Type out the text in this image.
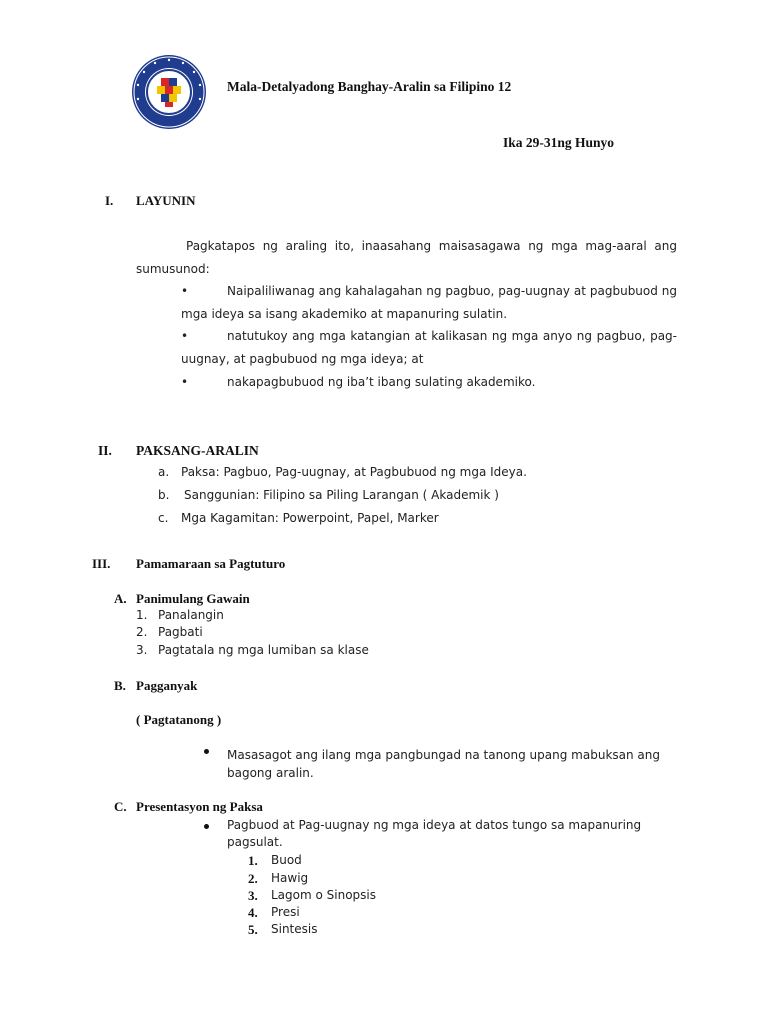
Mala-Detalyadong Banghay-Aralin sa Filipino 12
Ika 29-31ng Hunyo
I. LAYUNIN
Pagkatapos ng araling ito, inaasahang maisasagawa ng mga mag-aaral ang
sumusunod:
•	Naipaliliwanag ang kahalagahan ng pagbuo, pag-uugnay at pagbubuod ng
mga ideya sa isang akademiko at mapanuring sulatin.
•	natutukoy ang mga katangian at kalikasan ng mga anyo ng pagbuo, pag-
uugnay, at pagbubuod ng mga ideya; at
•	nakapagbubuod ng iba’t ibang sulating akademiko.
II. PAKSANG-ARALIN
a. Paksa: Pagbuo, Pag-uugnay, at Pagbubuod ng mga Ideya.
b. Sanggunian: Filipino sa Piling Larangan ( Akademik )
c. Mga Kagamitan: Powerpoint, Papel, Marker
III. Pamamaraan sa Pagtuturo
A. Panimulang Gawain
1. Panalangin
2. Pagbati
3. Pagtatala ng mga lumiban sa klase
B. Pagganyak
( Pagtatanong )
Masasagot ang ilang mga pangbungad na tanong upang mabuksan ang
bagong aralin.
C. Presentasyon ng Paksa
Pagbuod at Pag-uugnay ng mga ideya at datos tungo sa mapanuring
pagsulat.
1. Buod
2. Hawig
3. Lagom o Sinopsis
4. Presi
5. Sintesis
